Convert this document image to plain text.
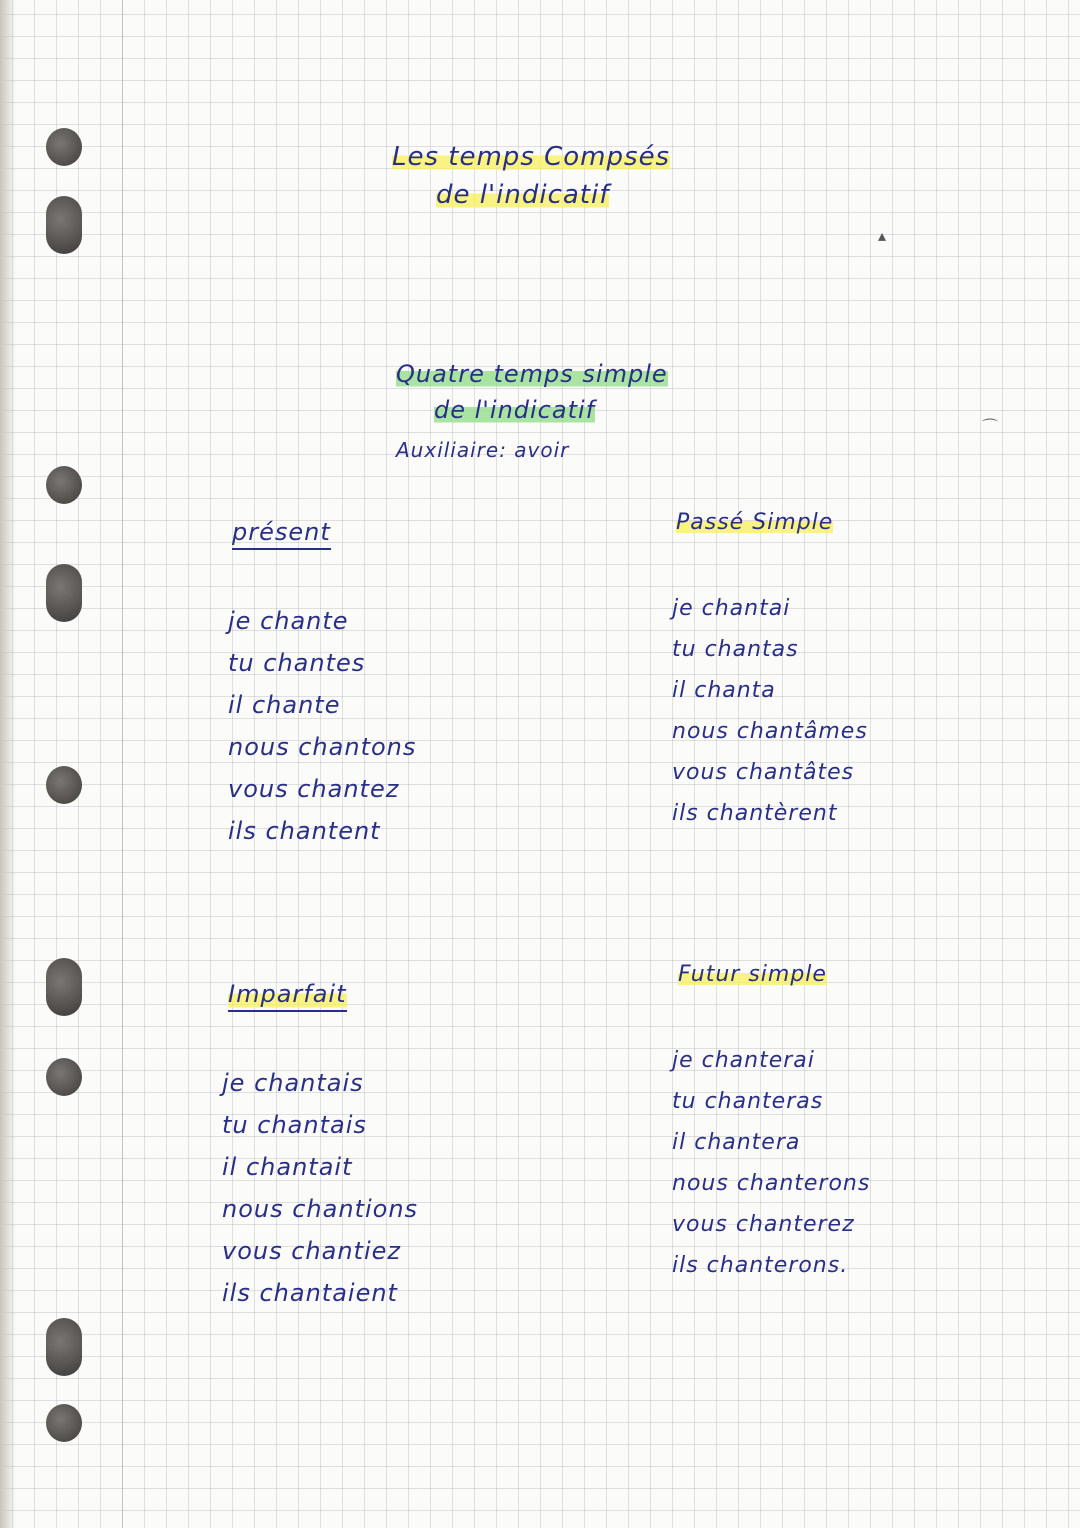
Les temps Compsés
de l'indicatif
Quatre temps simple
de l'indicatif
Auxiliaire: avoir
présent
je chante
tu chantes
il chante
nous chantons
vous chantez
ils chantent
Passé Simple
je chantai
tu chantas
il chanta
nous chantâmes
vous chantâtes
ils chantèrent
Imparfait
je chantais
tu chantais
il chantait
nous chantions
vous chantiez
ils chantaient
Futur simple
je chanterai
tu chanteras
il chantera
nous chanterons
vous chanterez
ils chanterons.
▴
⌒
